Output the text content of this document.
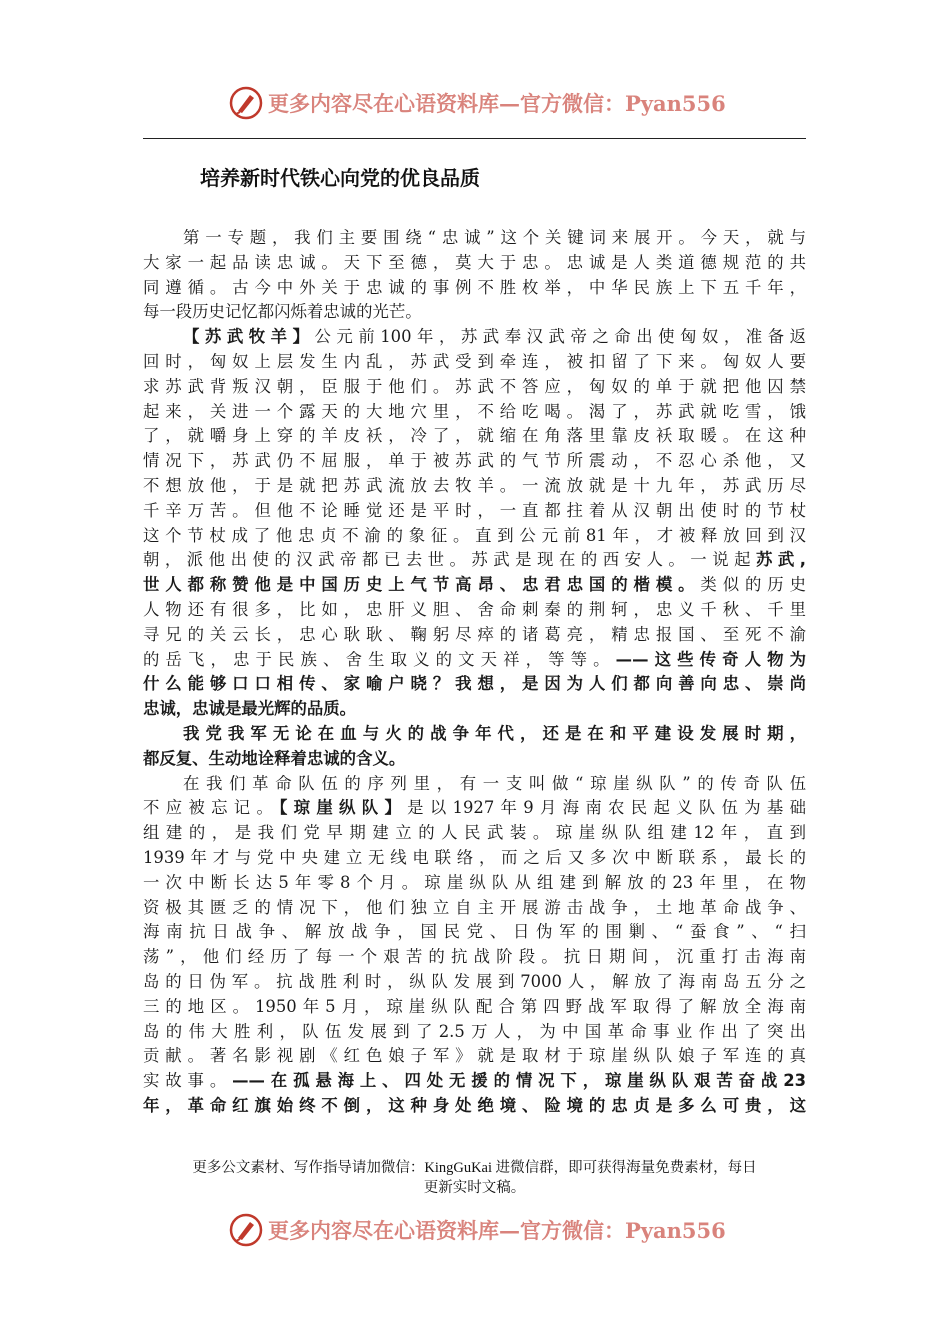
更多内容尽在心语资料库—官方微信：Pyan556
培养新时代铁心向党的优良品质
第一专题，我们主要围绕“忠诚”这个关键词来展开。今天，就与
大家一起品读忠诚。天下至德，莫大于忠。忠诚是人类道德规范的共
同遵循。古今中外关于忠诚的事例不胜枚举，中华民族上下五千年，
每一段历史记忆都闪烁着忠诚的光芒。
【苏武牧羊】公元前100年，苏武奉汉武帝之命出使匈奴，准备返
回时，匈奴上层发生内乱，苏武受到牵连，被扣留了下来。匈奴人要
求苏武背叛汉朝，臣服于他们。苏武不答应，匈奴的单于就把他囚禁
起来，关进一个露天的大地穴里，不给吃喝。渴了，苏武就吃雪，饿
了，就嚼身上穿的羊皮袄，冷了，就缩在角落里靠皮袄取暖。在这种
情况下，苏武仍不屈服，单于被苏武的气节所震动，不忍心杀他，又
不想放他，于是就把苏武流放去牧羊。一流放就是十九年，苏武历尽
千辛万苦。但他不论睡觉还是平时，一直都拄着从汉朝出使时的节杖
这个节杖成了他忠贞不渝的象征。直到公元前81年，才被释放回到汉
朝，派他出使的汉武帝都已去世。苏武是现在的西安人。一说起苏武,
世人都称赞他是中国历史上气节高昂、忠君忠国的楷模。类似的历史
人物还有很多，比如，忠肝义胆、舍命刺秦的荆轲，忠义千秋、千里
寻兄的关云长，忠心耿耿、鞠躬尽瘁的诸葛亮，精忠报国、至死不渝
的岳飞，忠于民族、舍生取义的文天祥，等等。——这些传奇人物为
什么能够口口相传、家喻户晓？我想，是因为人们都向善向忠、崇尚
忠诚，忠诚是最光辉的品质。
我党我军无论在血与火的战争年代，还是在和平建设发展时期，
都反复、生动地诠释着忠诚的含义。
在我们革命队伍的序列里，有一支叫做“琼崖纵队”的传奇队伍
不应被忘记。【琼崖纵队】是以1927年9月海南农民起义队伍为基础
组建的，是我们党早期建立的人民武装。琼崖纵队组建12年，直到
1939年才与党中央建立无线电联络，而之后又多次中断联系，最长的
一次中断长达5年零8个月。琼崖纵队从组建到解放的23年里，在物
资极其匮乏的情况下，他们独立自主开展游击战争，土地革命战争、
海南抗日战争、解放战争，国民党、日伪军的围剿、“蚕食”、“扫
荡”，他们经历了每一个艰苦的抗战阶段。抗日期间，沉重打击海南
岛的日伪军。抗战胜利时，纵队发展到7000人，解放了海南岛五分之
三的地区。1950年5月，琼崖纵队配合第四野战军取得了解放全海南
岛的伟大胜利，队伍发展到了2.5万人，为中国革命事业作出了突出
贡献。著名影视剧《红色娘子军》就是取材于琼崖纵队娘子军连的真
实故事。——在孤悬海上、四处无援的情况下，琼崖纵队艰苦奋战23
年，革命红旗始终不倒，这种身处绝境、险境的忠贞是多么可贵，这
更多公文素材、写作指导请加微信：KingGuKai 进微信群，即可获得海量免费素材，每日
更新实时文稿。
更多内容尽在心语资料库—官方微信：Pyan556
